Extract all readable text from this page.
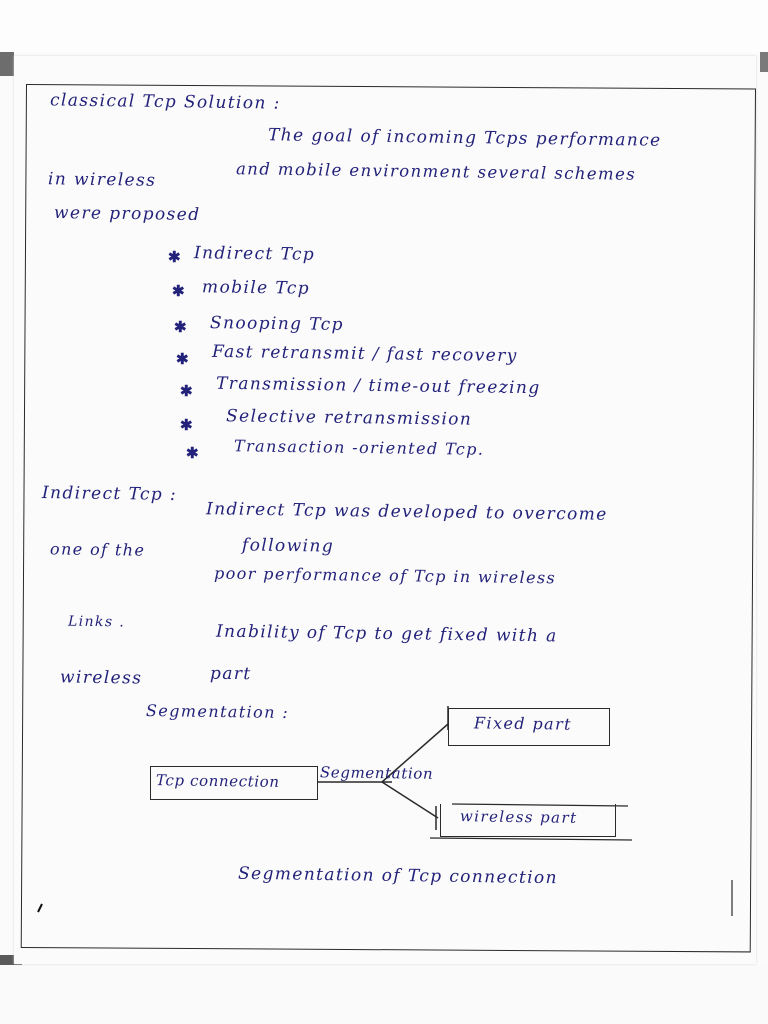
classical Tcp Solution :
The goal of incoming Tcps performance
in wireless	and mobile environment several schemes
were proposed
✱ Indirect Tcp
✱ mobile Tcp
✱ Snooping Tcp
✱ Fast retransmit / fast recovery
✱ Transmission / time-out freezing
✱ Selective retransmission
✱ Transaction -oriented Tcp.
Indirect Tcp :
Indirect Tcp was developed to overcome
one of the	following
poor performance of Tcp in wireless
Links .	Inability of Tcp to get fixed with a
wireless	part
Segmentation :
Tcp connection	Segmentation
Fixed part
wireless part
Segmentation of Tcp connection
